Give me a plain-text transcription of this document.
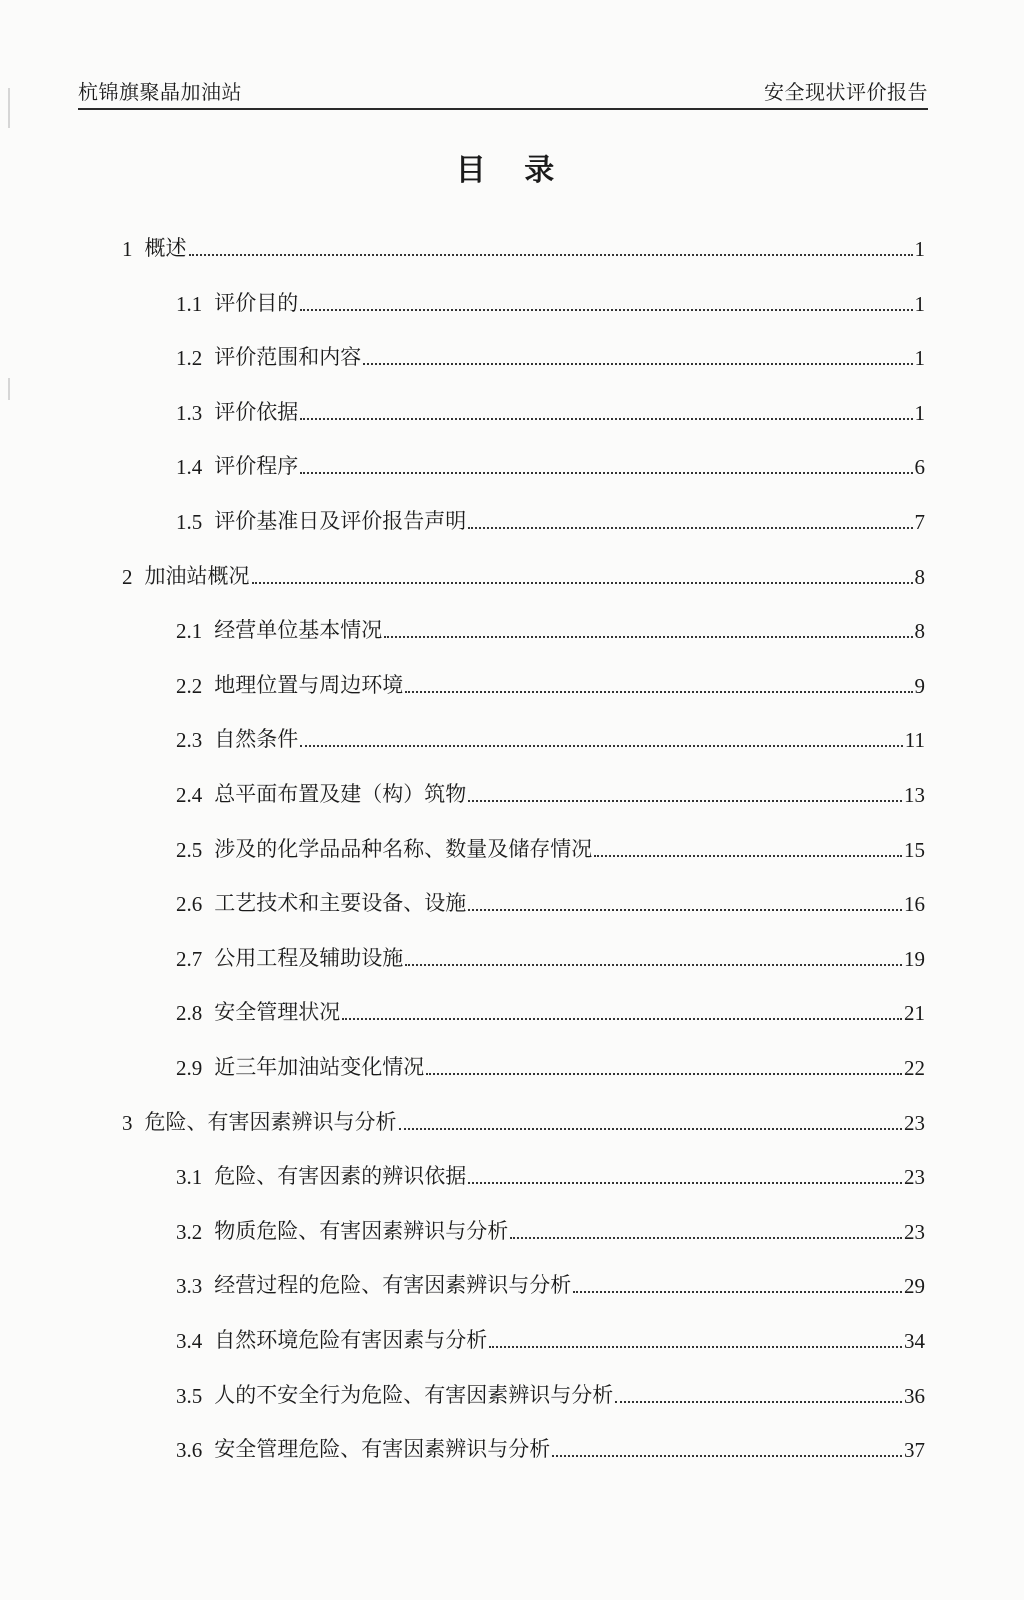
杭锦旗聚晶加油站	安全现状评价报告
目 录
1 概述	1
1.1 评价目的	1
1.2 评价范围和内容	1
1.3 评价依据	1
1.4 评价程序	6
1.5 评价基准日及评价报告声明	7
2 加油站概况	8
2.1 经营单位基本情况	8
2.2 地理位置与周边环境	9
2.3 自然条件	11
2.4 总平面布置及建（构）筑物	13
2.5 涉及的化学品品种名称、数量及储存情况	15
2.6 工艺技术和主要设备、设施	16
2.7 公用工程及辅助设施	19
2.8 安全管理状况	21
2.9 近三年加油站变化情况	22
3 危险、有害因素辨识与分析	23
3.1 危险、有害因素的辨识依据	23
3.2 物质危险、有害因素辨识与分析	23
3.3 经营过程的危险、有害因素辨识与分析	29
3.4 自然环境危险有害因素与分析	34
3.5 人的不安全行为危险、有害因素辨识与分析	36
3.6 安全管理危险、有害因素辨识与分析	37
